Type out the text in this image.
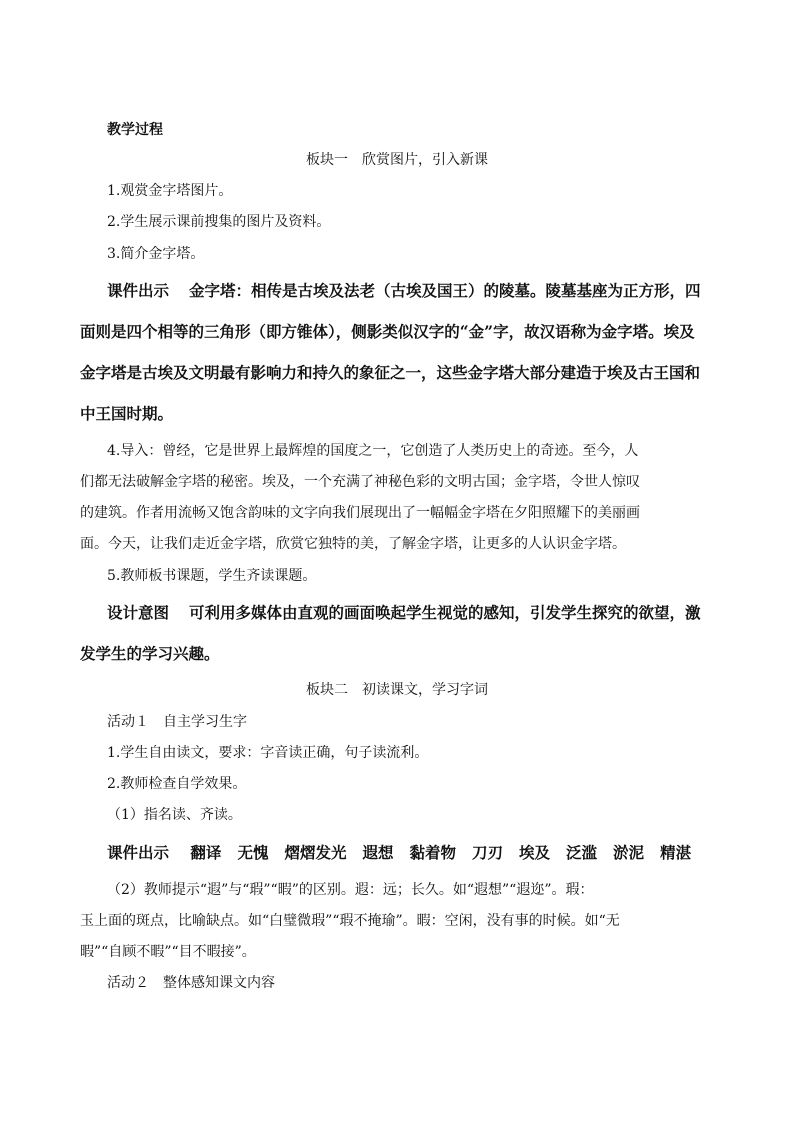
教学过程
板块一 欣赏图片，引入新课
1.观赏金字塔图片。
2.学生展示课前搜集的图片及资料。
3.简介金字塔。
课件出示 金字塔：相传是古埃及法老（古埃及国王）的陵墓。陵墓基座为正方形，四
面则是四个相等的三角形（即方锥体），侧影类似汉字的“金”字，故汉语称为金字塔。埃及
金字塔是古埃及文明最有影响力和持久的象征之一，这些金字塔大部分建造于埃及古王国和
中王国时期。
4.导入：曾经，它是世界上最辉煌的国度之一，它创造了人类历史上的奇迹。至今，人
们都无法破解金字塔的秘密。埃及，一个充满了神秘色彩的文明古国；金字塔，令世人惊叹
的建筑。作者用流畅又饱含韵味的文字向我们展现出了一幅幅金字塔在夕阳照耀下的美丽画
面。今天，让我们走近金字塔，欣赏它独特的美，了解金字塔，让更多的人认识金字塔。
5.教师板书课题，学生齐读课题。
设计意图 可利用多媒体由直观的画面唤起学生视觉的感知，引发学生探究的欲望，激
发学生的学习兴趣。
板块二 初读课文，学习字词
活动１ 自主学习生字
1.学生自由读文，要求：字音读正确，句子读流利。
2.教师检查自学效果。
（1）指名读、齐读。
课件出示 翻译 无愧 熠熠发光 遐想 黏着物 刀刃 埃及 泛滥 淤泥 精湛
（2）教师提示“遐”与“瑕”“暇”的区别。遐：远；长久。如“遐想”“遐迩”。瑕：
玉上面的斑点，比喻缺点。如“白璧微瑕”“瑕不掩瑜”。暇：空闲，没有事的时候。如“无
暇”“自顾不暇”“目不暇接”。
活动２ 整体感知课文内容
